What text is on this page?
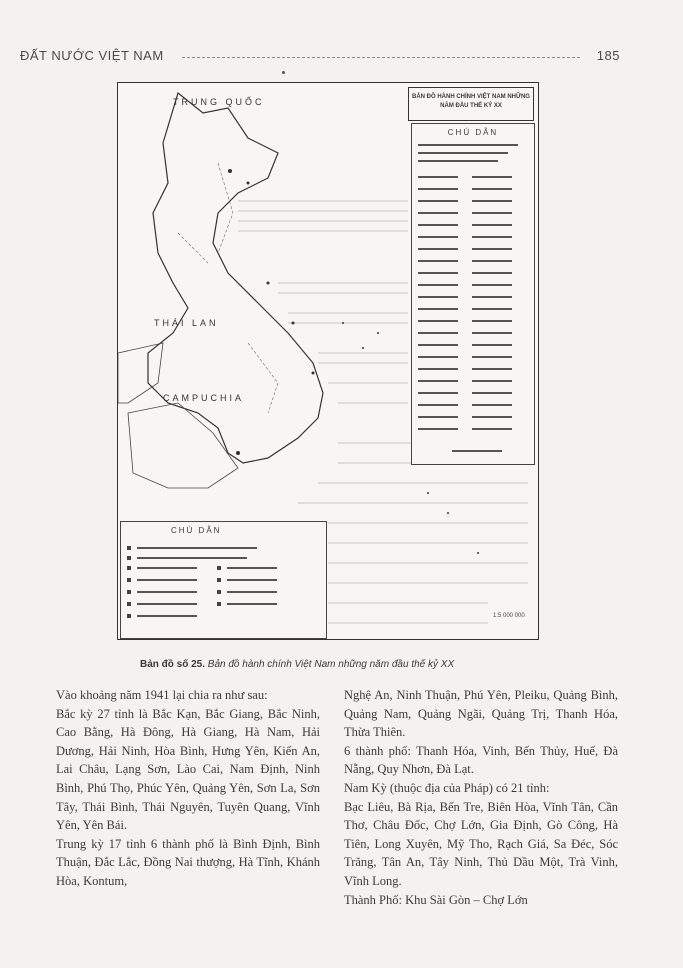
ĐẤT NƯỚC VIỆT NAM	185
TRUNG QUỐC
THÁI LAN
CAMPUCHIA
BẢN ĐỒ HÀNH CHÍNH VIỆT NAM NHỮNG NĂM ĐẦU THẾ KỶ XX
CHÚ DẪN
CHÚ DẪN
1:5 000 000
Bản đồ số 25. Bản đồ hành chính Việt Nam những năm đầu thế kỷ XX

Vào khoảng năm 1941 lại chia ra như sau:

Bắc kỳ 27 tỉnh là Bắc Kạn, Bắc Giang, Bắc Ninh, Cao Bằng, Hà Đông, Hà Giang, Hà Nam, Hải Dương, Hải Ninh, Hòa Bình, Hưng Yên, Kiến An, Lai Châu, Lạng Sơn, Lào Cai, Nam Định, Ninh Bình, Phú Thọ, Phúc Yên, Quảng Yên, Sơn La, Sơn Tây, Thái Bình, Thái Nguyên, Tuyên Quang, Vĩnh Yên, Yên Bái.

Trung kỳ 17 tỉnh 6 thành phố là Bình Định, Bình Thuận, Đắc Lắc, Đồng Nai thượng, Hà Tĩnh, Khánh Hòa, Kontum,

Nghệ An, Ninh Thuận, Phú Yên, Pleiku, Quảng Bình, Quảng Nam, Quảng Ngãi, Quảng Trị, Thanh Hóa, Thừa Thiên.

6 thành phố: Thanh Hóa, Vinh, Bến Thủy, Huế, Đà Nẵng, Quy Nhơn, Đà Lạt.

Nam Kỳ (thuộc địa của Pháp) có 21 tỉnh:

Bạc Liêu, Bà Rịa, Bến Tre, Biên Hòa, Vĩnh Tân, Cần Thơ, Châu Đốc, Chợ Lớn, Gia Định, Gò Công, Hà Tiên, Long Xuyên, Mỹ Tho, Rạch Giá, Sa Đéc, Sóc Trăng, Tân An, Tây Ninh, Thủ Dầu Một, Trà Vinh, Vĩnh Long.

Thành Phố: Khu Sài Gòn – Chợ Lớn
